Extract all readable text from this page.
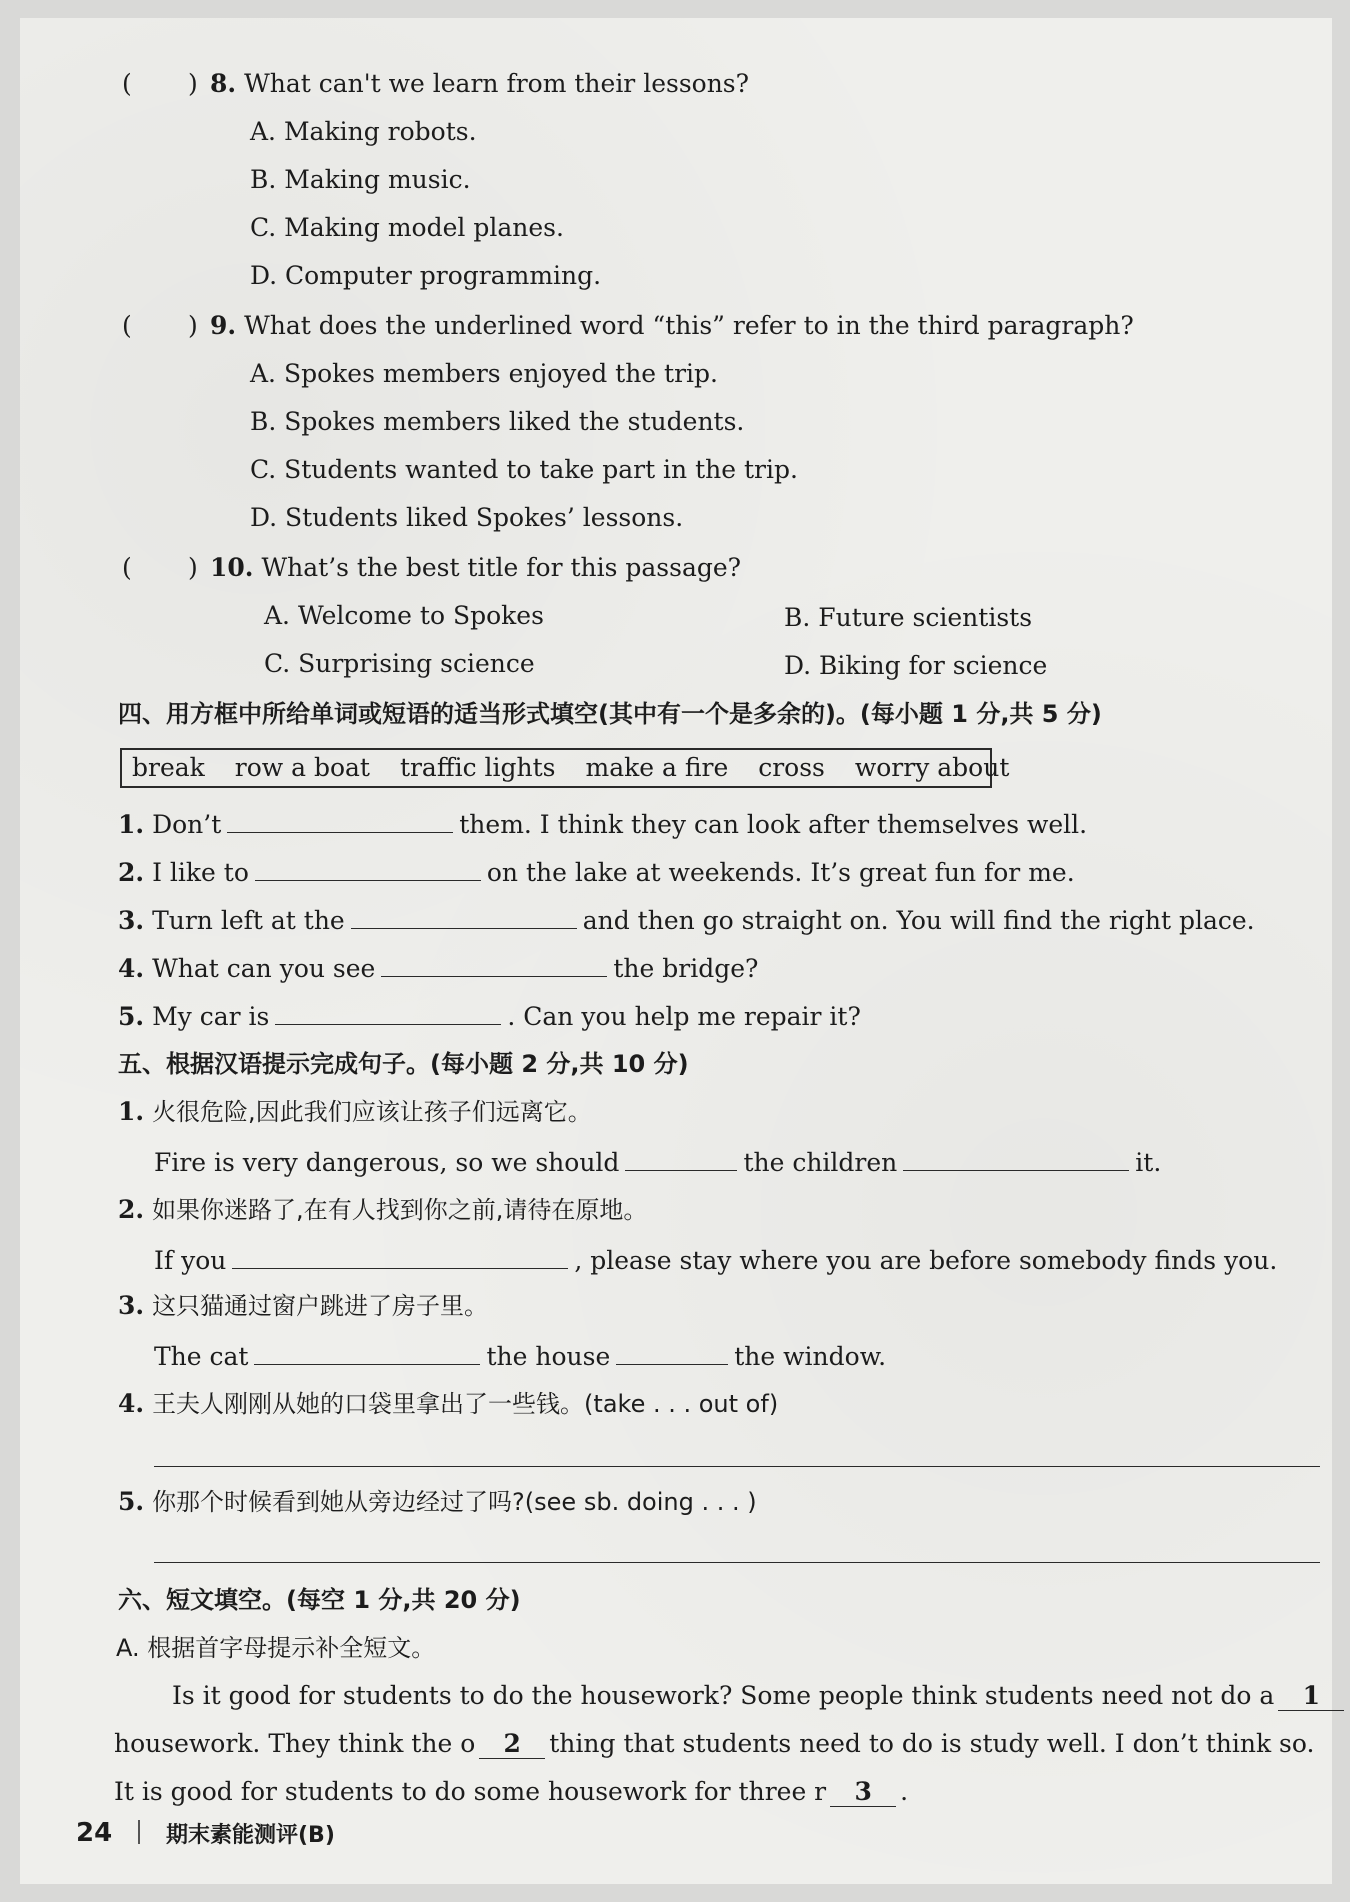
( ) 8. What can't we learn from their lessons?
A. Making robots.
B. Making music.
C. Making model planes.
D. Computer programming.
( ) 9. What does the underlined word “this” refer to in the third paragraph?
A. Spokes members enjoyed the trip.
B. Spokes members liked the students.
C. Students wanted to take part in the trip.
D. Students liked Spokes’ lessons.
( ) 10. What’s the best title for this passage?
A. Welcome to Spokes	B. Future scientists
C. Surprising science	D. Biking for science
四、用方框中所给单词或短语的适当形式填空(其中有一个是多余的)。(每小题 1 分,共 5 分)
break row a boat traffic lights make a fire cross worry about
1. Don’t	them. I think they can look after themselves well.
2. I like to	on the lake at weekends. It’s great fun for me.
3. Turn left at the	and then go straight on. You will find the right place.
4. What can you see	the bridge?
5. My car is	. Can you help me repair it?
五、根据汉语提示完成句子。(每小题 2 分,共 10 分)
1. 火很危险,因此我们应该让孩子们远离它。
Fire is very dangerous, so we should	the children	it.
2. 如果你迷路了,在有人找到你之前,请待在原地。
If you	, please stay where you are before somebody finds you.
3. 这只猫通过窗户跳进了房子里。
The cat	the house	the window.
4. 王夫人刚刚从她的口袋里拿出了一些钱。(take . . . out of)
5. 你那个时候看到她从旁边经过了吗?(see sb. doing . . . )
六、短文填空。(每空 1 分,共 20 分)
A. 根据首字母提示补全短文。
Is it good for students to do the housework? Some people think students need not do a 1
housework. They think the o 2 thing that students need to do is study well. I don’t think so.
It is good for students to do some housework for three r 3 .
24 期末素能测评(B)
